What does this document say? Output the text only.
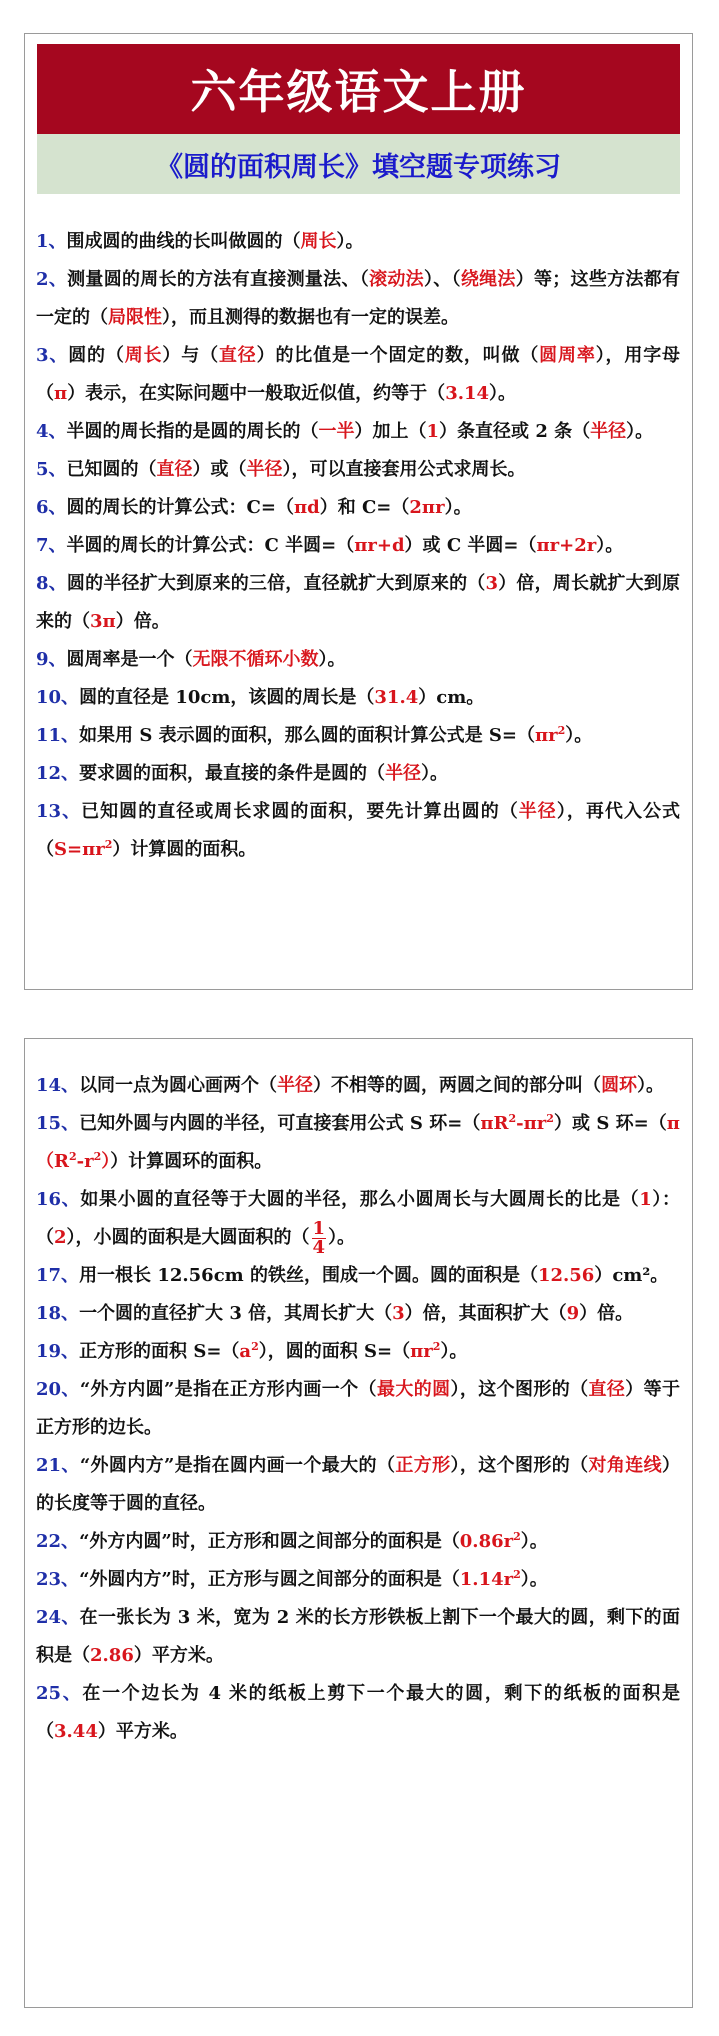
六年级语文上册
《圆的面积周长》填空题专项练习

1、围成圆的曲线的长叫做圆的（周长）。

2、测量圆的周长的方法有直接测量法、（滚动法）、（绕绳法）等；这些方法都有一定的（局限性），而且测得的数据也有一定的误差。

3、圆的（周长）与（直径）的比值是一个固定的数，叫做（圆周率），用字母（π）表示，在实际问题中一般取近似值，约等于（3.14）。

4、半圆的周长指的是圆的周长的（一半）加上（1）条直径或 2 条（半径）。

5、已知圆的（直径）或（半径），可以直接套用公式求周长。

6、圆的周长的计算公式：C=（πd）和 C=（2πr）。

7、半圆的周长的计算公式：C 半圆=（πr+d）或 C 半圆=（πr+2r）。

8、圆的半径扩大到原来的三倍，直径就扩大到原来的（3）倍，周长就扩大到原来的（3π）倍。

9、圆周率是一个（无限不循环小数）。

10、圆的直径是 10cm，该圆的周长是（31.4）cm。

11、如果用 S 表示圆的面积，那么圆的面积计算公式是 $S=(\pi r^2)$。

12、要求圆的面积，最直接的条件是圆的（半径）。

13、已知圆的直径或周长求圆的面积，要先计算出圆的（半径），再代入公式$(S=\pi r^2)$计算圆的面积。

14、以同一点为圆心画两个（半径）不相等的圆，两圆之间的部分叫（圆环）。

15、已知外圆与内圆的半径，可直接套用公式 S 环$=(\pi R^2-\pi r^2)$或 S 环$=(\pi(R^2-r^2))$计算圆环的面积。

16、如果小圆的直径等于大圆的半径，那么小圆周长与大圆周长的比是（1）：（2），小圆的面积是大圆面积的（ $\frac{1}{4}$ ）。

17、用一根长 12.56cm 的铁丝，围成一个圆。圆的面积是（12.56）cm²。

18、一个圆的直径扩大 3 倍，其周长扩大（3）倍，其面积扩大（9）倍。

19、正方形的面积 $S=(a^2)$，圆的面积 $S=(\pi r^2)$。

20、“外方内圆”是指在正方形内画一个（最大的圆），这个图形的（直径）等于正方形的边长。

21、“外圆内方”是指在圆内画一个最大的（正方形），这个图形的（对角连线）的长度等于圆的直径。

22、“外方内圆”时，正方形和圆之间部分的面积是$(0.86r^2)$。

23、“外圆内方”时，正方形与圆之间部分的面积是$(1.14r^2)$。

24、在一张长为 3 米，宽为 2 米的长方形铁板上割下一个最大的圆，剩下的面积是（2.86）平方米。

25、在一个边长为 4 米的纸板上剪下一个最大的圆，剩下的纸板的面积是（3.44）平方米。
